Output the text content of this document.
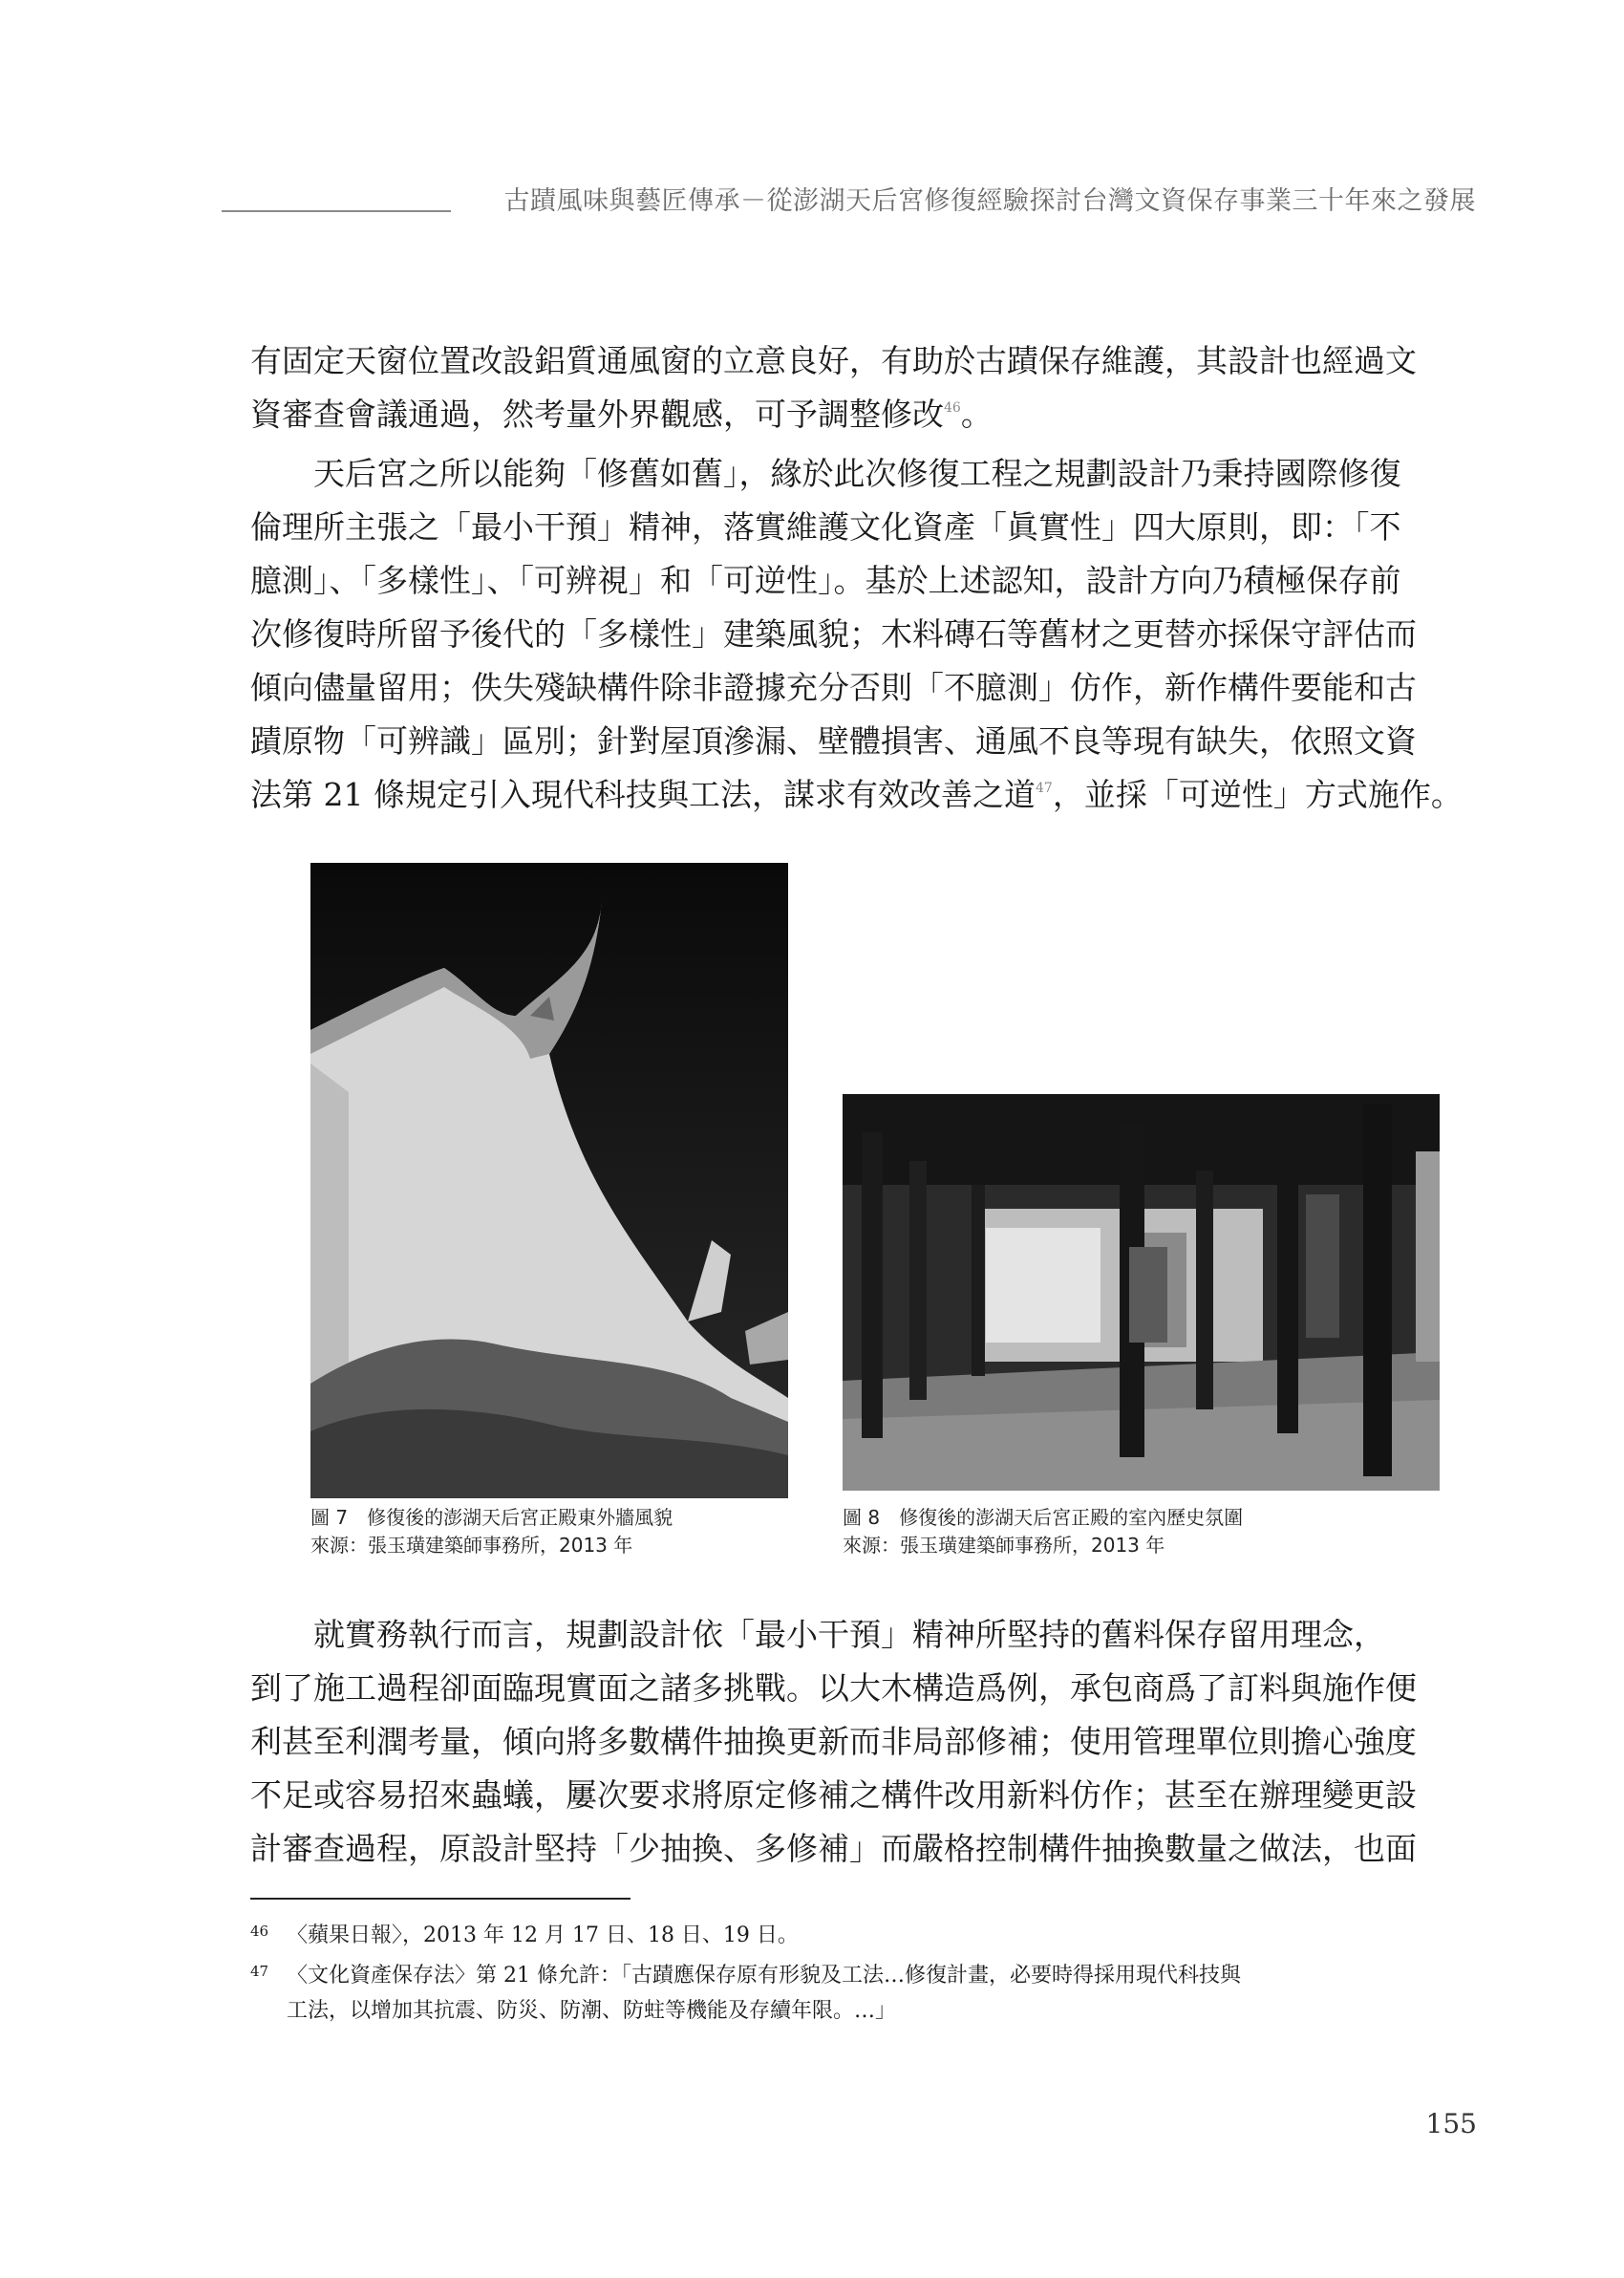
古蹟風味與藝匠傳承－從澎湖天后宮修復經驗探討台灣文資保存事業三十年來之發展
有固定天窗位置改設鋁質通風窗的立意良好，有助於古蹟保存維護，其設計也經過文
資審查會議通過，然考量外界觀感，可予調整修改$^{46}$。
天后宮之所以能夠「修舊如舊」，緣於此次修復工程之規劃設計乃秉持國際修復
倫理所主張之「最小干預」精神，落實維護文化資產「眞實性」四大原則，即：「不
臆測」、「多樣性」、「可辨視」和「可逆性」。基於上述認知，設計方向乃積極保存前
次修復時所留予後代的「多樣性」建築風貌；木料磚石等舊材之更替亦採保守評估而
傾向儘量留用；佚失殘缺構件除非證據充分否則「不臆測」仿作，新作構件要能和古
蹟原物「可辨識」區別；針對屋頂滲漏、壁體損害、通風不良等現有缺失，依照文資
法第 21 條規定引入現代科技與工法，謀求有效改善之道$^{47}$，並採「可逆性」方式施作。
圖 7　修復後的澎湖天后宮正殿東外牆風貌
來源：張玉璜建築師事務所，2013 年
圖 8　修復後的澎湖天后宮正殿的室內歷史氛圍
來源：張玉璜建築師事務所，2013 年
就實務執行而言，規劃設計依「最小干預」精神所堅持的舊料保存留用理念，
到了施工過程卻面臨現實面之諸多挑戰。以大木構造爲例，承包商爲了訂料與施作便
利甚至利潤考量，傾向將多數構件抽換更新而非局部修補；使用管理單位則擔心強度
不足或容易招來蟲蟻，屢次要求將原定修補之構件改用新料仿作；甚至在辦理變更設
計審查過程，原設計堅持「少抽換、多修補」而嚴格控制構件抽換數量之做法，也面
46 〈蘋果日報〉，2013 年 12 月 17 日、18 日、19 日。
47 〈文化資產保存法〉第 21 條允許：「古蹟應保存原有形貌及工法…修復計畫，必要時得採用現代科技與
工法，以增加其抗震、防災、防潮、防蛀等機能及存續年限。…」
155
